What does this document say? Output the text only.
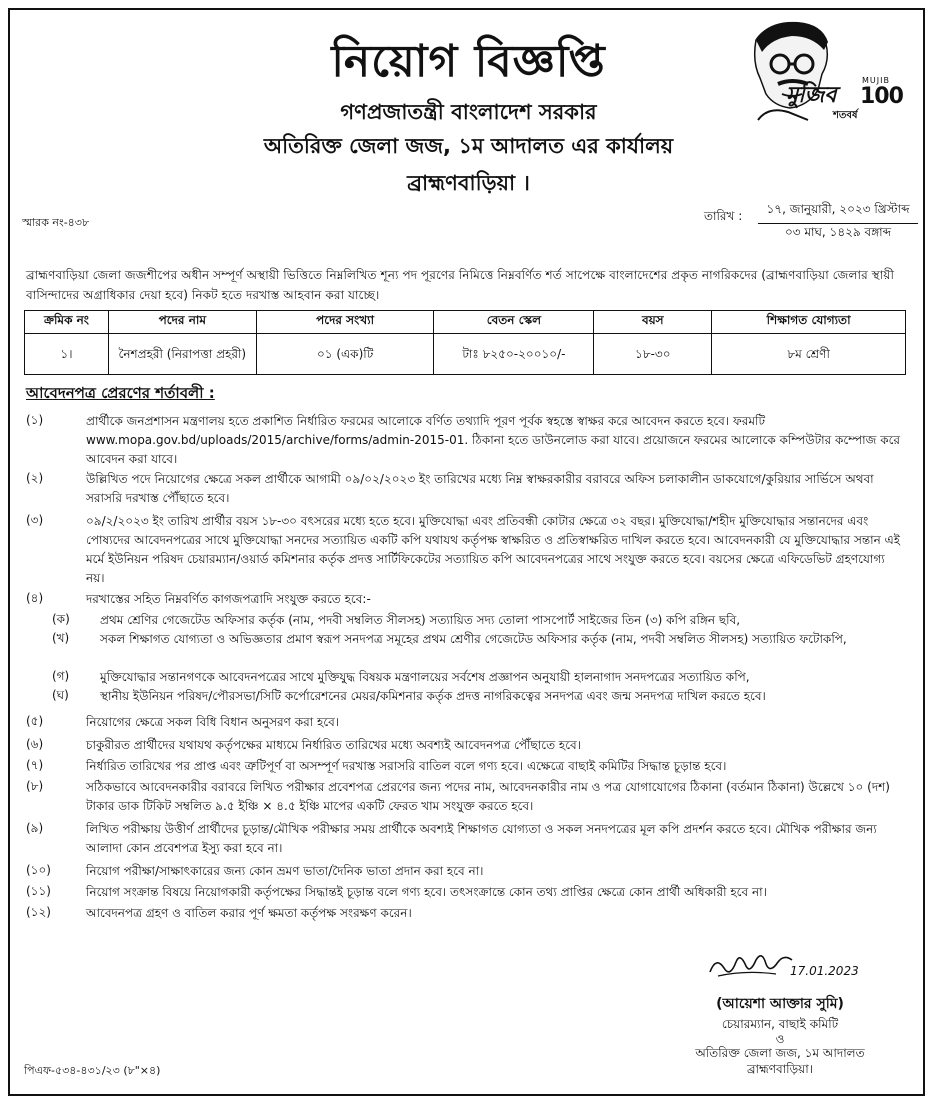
নিয়োগ বিজ্ঞপ্তি
গণপ্রজাতন্ত্রী বাংলাদেশ সরকার
অতিরিক্ত জেলা জজ, ১ম আদালত এর কার্যালয়
ব্রাহ্মণবাড়িয়া ।
মুজিব
MUJIB
100
শতবর্ষ
স্মারক নং-৪৩৮	তারিখ :	১৭, জানুয়ারী, ২০২৩ খ্রিস্টাব্দ
০৩ মাঘ, ১৪২৯ বঙ্গাব্দ
ব্রাহ্মণবাড়িয়া জেলা জজশীপের অধীন সম্পূর্ণ অস্থায়ী ভিত্তিতে নিম্নলিখিত শূন্য পদ পূরণের নিমিত্তে নিম্নবর্ণিত শর্ত সাপেক্ষে বাংলাদেশের প্রকৃত নাগরিকদের (ব্রাহ্মণবাড়িয়া জেলার স্থায়ী বাসিন্দাদের অগ্রাধিকার দেয়া হবে) নিকট হতে দরখাস্ত আহবান করা যাচ্ছে।
ক্রমিক নং	পদের নাম	পদের সংখ্যা	বেতন স্কেল	বয়স	শিক্ষাগত যোগ্যতা
১।	নৈশপ্রহরী (নিরাপত্তা প্রহরী)	০১ (এক)টি	টাঃ ৮২৫০-২০০১০/-	১৮-৩০	৮ম শ্রেণী
আবেদনপত্র প্রেরণের শর্তাবলী :
(১)	প্রার্থীকে জনপ্রশাসন মন্ত্রণালয় হতে প্রকাশিত নির্ধারিত ফরমের আলোকে বর্ণিত তথ্যাদি পূরণ পূর্বক স্বহস্তে স্বাক্ষর করে আবেদন করতে হবে। ফরমটি www.mopa.gov.bd/uploads/2015/archive/forms/admin-2015-01. ঠিকানা হতে ডাউনলোড করা যাবে। প্রয়োজনে ফরমের আলোকে কম্পিউটার কম্পোজ করে আবেদন করা যাবে।
(২)	উল্লিখিত পদে নিয়োগের ক্ষেত্রে সকল প্রার্থীকে আগামী ০৯/০২/২০২৩ ইং তারিখের মধ্যে নিম্ন স্বাক্ষরকারীর বরাবরে অফিস চলাকালীন ডাকযোগে/কুরিয়ার সার্ভিসে অথবা সরাসরি দরখাস্ত পৌঁছাতে হবে।
(৩)	০৯/২/২০২৩ ইং তারিখ প্রার্থীর বয়স ১৮-৩০ বৎসরের মধ্যে হতে হবে। মুক্তিযোদ্ধা এবং প্রতিবন্ধী কোটার ক্ষেত্রে ৩২ বছর। মুক্তিযোদ্ধা/শহীদ মুক্তিযোদ্ধার সন্তানদের এবং পোষ্যদের আবেদনপত্রের সাথে মুক্তিযোদ্ধা সনদের সত্যায়িত একটি কপি যথাযথ কর্তৃপক্ষ স্বাক্ষরিত ও প্রতিস্বাক্ষরিত দাখিল করতে হবে। আবেদনকারী যে মুক্তিযোদ্ধার সন্তান এই মর্মে ইউনিয়ন পরিষদ চেয়ারম্যান/ওয়ার্ড কমিশনার কর্তৃক প্রদত্ত সার্টিফিকেটের সত্যায়িত কপি আবেদনপত্রের সাথে সংযুক্ত করতে হবে। বয়সের ক্ষেত্রে এফিডেভিট গ্রহণযোগ্য নয়।
(৪)	দরখাস্তের সহিত নিম্নবর্ণিত কাগজপত্রাদি সংযুক্ত করতে হবে:-
(ক)	প্রথম শ্রেণির গেজেটেড অফিসার কর্তৃক (নাম, পদবী সম্বলিত সীলসহ) সত্যায়িত সদ্য তোলা পাসপোর্ট সাইজের তিন (৩) কপি রঙ্গিন ছবি,
(খ)	সকল শিক্ষাগত যোগ্যতা ও অভিজ্ঞতার প্রমাণ স্বরূপ সনদপত্র সমূহের প্রথম শ্রেণীর গেজেটেড অফিসার কর্তৃক (নাম, পদবী সম্বলিত সীলসহ) সত্যায়িত ফটোকপি,
(গ)	মুক্তিযোদ্ধার সন্তানগণকে আবেদনপত্রের সাথে মুক্তিযুদ্ধ বিষয়ক মন্ত্রণালয়ের সর্বশেষ প্রজ্ঞাপন অনুযায়ী হালনাগাদ সনদপত্রের সত্যায়িত কপি,
(ঘ)	স্থানীয় ইউনিয়ন পরিষদ/পৌরসভা/সিটি কর্পোরেশনের মেয়র/কমিশনার কর্তৃক প্রদত্ত নাগরিকত্বের সনদপত্র এবং জন্ম সনদপত্র দাখিল করতে হবে।
(৫)	নিয়োগের ক্ষেত্রে সকল বিধি বিধান অনুসরণ করা হবে।
(৬)	চাকুরীরত প্রার্থীদের যথাযথ কর্তৃপক্ষের মাধ্যমে নির্ধারিত তারিখের মধ্যে অবশ্যই আবেদনপত্র পৌঁছাতে হবে।
(৭)	নির্ধারিত তারিখের পর প্রাপ্ত এবং ত্রুটিপূর্ণ বা অসম্পূর্ণ দরখাস্ত সরাসরি বাতিল বলে গণ্য হবে। এক্ষেত্রে বাছাই কমিটির সিদ্ধান্ত চূড়ান্ত হবে।
(৮)	সঠিকভাবে আবেদনকারীর বরাবরে লিখিত পরীক্ষার প্রবেশপত্র প্রেরণের জন্য পদের নাম, আবেদনকারীর নাম ও পত্র যোগাযোগের ঠিকানা (বর্তমান ঠিকানা) উল্লেখে ১০ (দশ) টাকার ডাক টিকিট সম্বলিত ৯.৫ ইঞ্চি × ৪.৫ ইঞ্চি মাপের একটি ফেরত খাম সংযুক্ত করতে হবে।
(৯)	লিখিত পরীক্ষায় উত্তীর্ণ প্রার্থীদের চূড়ান্ত/মৌখিক পরীক্ষার সময় প্রার্থীকে অবশ্যই শিক্ষাগত যোগ্যতা ও সকল সনদপত্রের মূল কপি প্রদর্শন করতে হবে। মৌখিক পরীক্ষার জন্য আলাদা কোন প্রবেশপত্র ইস্যু করা হবে না।
(১০)	নিয়োগ পরীক্ষা/সাক্ষাৎকারের জন্য কোন ভ্রমণ ভাতা/দৈনিক ভাতা প্রদান করা হবে না।
(১১)	নিয়োগ সংক্রান্ত বিষয়ে নিয়োগকারী কর্তৃপক্ষের সিদ্ধান্তই চূড়ান্ত বলে গণ্য হবে। তৎসংক্রান্তে কোন তথ্য প্রাপ্তির ক্ষেত্রে কোন প্রার্থী অধিকারী হবে না।
(১২)	আবেদনপত্র গ্রহণ ও বাতিল করার পূর্ণ ক্ষমতা কর্তৃপক্ষ সংরক্ষণ করেন।
17.01.2023
(আয়েশা আক্তার সুমি)
চেয়ারম্যান, বাছাই কমিটি
ও
অতিরিক্ত জেলা জজ, ১ম আদালত
ব্রাহ্মণবাড়িয়া।
পিএফ-৫৩৪-৪৩১/২৩ (৮"×৪)
